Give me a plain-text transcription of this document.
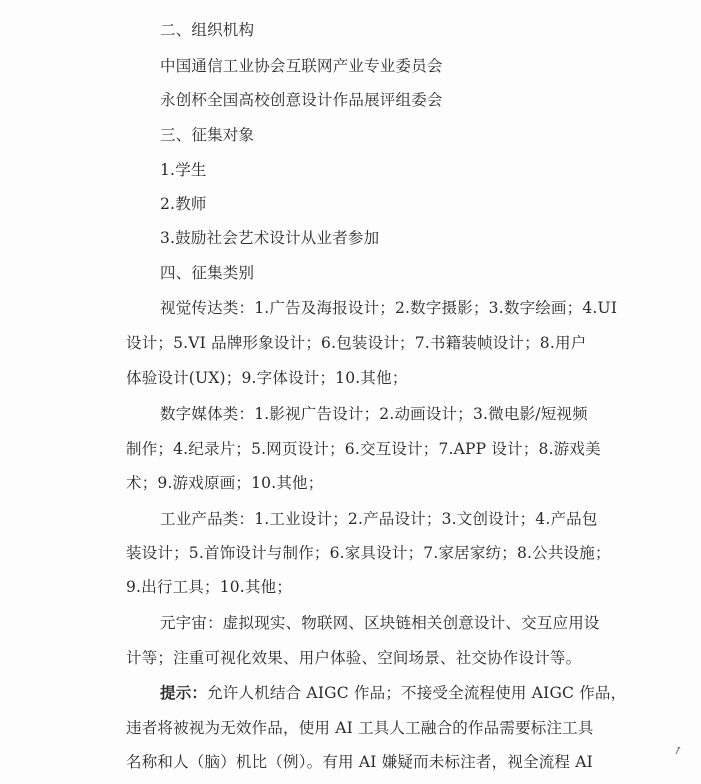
二、组织机构
中国通信工业协会互联网产业专业委员会
永创杯全国高校创意设计作品展评组委会
三、征集对象
1.学生
2.教师
3.鼓励社会艺术设计从业者参加
四、征集类别
视觉传达类：1.广告及海报设计；2.数字摄影；3.数字绘画；4.UI
设计；5.VI 品牌形象设计；6.包装设计；7.书籍装帧设计；8.用户
体验设计(UX)；9.字体设计；10.其他；
数字媒体类：1.影视广告设计；2.动画设计；3.微电影/短视频
制作；4.纪录片；5.网页设计；6.交互设计；7.APP 设计；8.游戏美
术；9.游戏原画；10.其他；
工业产品类：1.工业设计；2.产品设计；3.文创设计；4.产品包
装设计；5.首饰设计与制作；6.家具设计；7.家居家纺；8.公共设施；
9.出行工具；10.其他；
元宇宙：虚拟现实、物联网、区块链相关创意设计、交互应用设
计等；注重可视化效果、用户体验、空间场景、社交协作设计等。
提示：允许人机结合 AIGC 作品；不接受全流程使用 AIGC 作品，
违者将被视为无效作品，使用 AI 工具人工融合的作品需要标注工具
名称和人（脑）机比（例）。有用 AI 嫌疑而未标注者，视全流程 AI
↗
